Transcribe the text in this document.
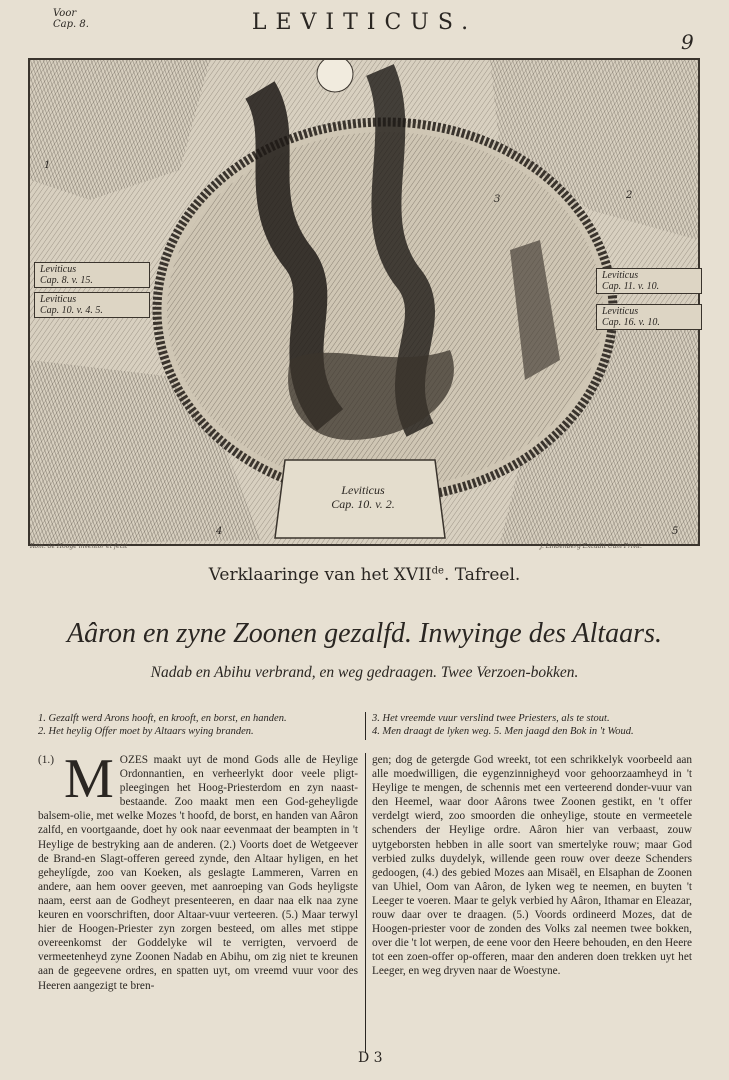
Voor
Cap. 8.	LEVITICUS.
9
Leviticus
Cap. 8. v. 15.
Leviticus
Cap. 10. v. 4. 5.
Leviticus
Cap. 11. v. 10.
Leviticus
Cap. 16. v. 10.
Leviticus
Cap. 10. v. 2.
1
2
3
4	5
Rom. de Hooge inventor et fecit	J. Lindenberg Excudit Cum Privil.
Verklaaringe van het XVIIde. Tafreel.
Aâron en zyne Zoonen gezalfd. Inwyinge des Altaars.
Nadab en Abihu verbrand, en weg gedraagen. Twee Verzoen-bokken.
1. Gezalft werd Arons hooft, en krooft, en borst, en handen.
2. Het heylig Offer moet by Altaars wying branden.
3. Het vreemde vuur verslind twee Priesters, als te stout.
4. Men draagt de lyken weg. 5. Men jaagd den Bok in 't Woud.
(1.) M OZES maakt uyt de mond Gods alle de Heylige Ordonnantien, en verheerlykt door veele pligt-pleegingen het Hoog-Priesterdom en zyn naast-bestaande. Zoo maakt men een God-geheyligde balsem-olie, met welke Mozes 't hoofd, de borst, en handen van Aâron zalfd, en voortgaande, doet hy ook naar eevenmaat der beampten in 't Heylige de bestryking aan de anderen. (2.) Voorts doet de Wetgeever de Brand-en Slagt-offeren gereed zynde, den Altaar hyligen, en het geheylígde, zoo van Koeken, als geslagte Lammeren, Varren en andere, aan hem oover geeven, met aanroeping van Gods heyligste naam, eerst aan de Godheyt presenteeren, en daar naa elk naa zyne keuren en voorschriften, door Altaar-vuur verteeren. (5.) Maar terwyl hier de Hoogen-Priester zyn zorgen besteed, om alles met stippe overeenkomst der Goddelyke wil te verrigten, vervoerd de vermeetenheyd zyne Zoonen Nadab en Abihu, om zig niet te kreunen aan de gegeevene ordres, en spatten uyt, om vreemd vuur voor des Heeren aangezigt te bren-

gen; dog de getergde God wreekt, tot een schrikkelyk voorbeeld aan alle moedwilligen, die eygenzinnigheyd voor gehoorzaamheyd in 't Heylige te mengen, de schennis met een verteerend donder-vuur van den Heemel, waar door Aârons twee Zoonen gestikt, en 't offer verdelgt wierd, zoo smoorden die onheylige, stoute en vermeetele schenders der Heylige ordre. Aâron hier van verbaast, zouw uytgeborsten hebben in alle soort van smertelyke rouw; maar God verbied zulks duydelyk, willende geen rouw over deeze Schenders gedoogen, (4.) des gebied Mozes aan Misaël, en Elsaphan de Zoonen van Uhiel, Oom van Aâron, de lyken weg te neemen, en buyten 't Leeger te voeren. Maar te gelyk verbied hy Aâron, Ithamar en Eleazar, rouw daar over te draagen. (5.) Voords ordineerd Mozes, dat de Hoogen-priester voor de zonden des Volks zal neemen twee bokken, over die 't lot werpen, de eene voor den Heere behouden, en den Heere tot een zoen-offer op-offeren, maar den anderen doen trekken uyt het Leeger, en weg dryven naar de Woestyne.

D 3
